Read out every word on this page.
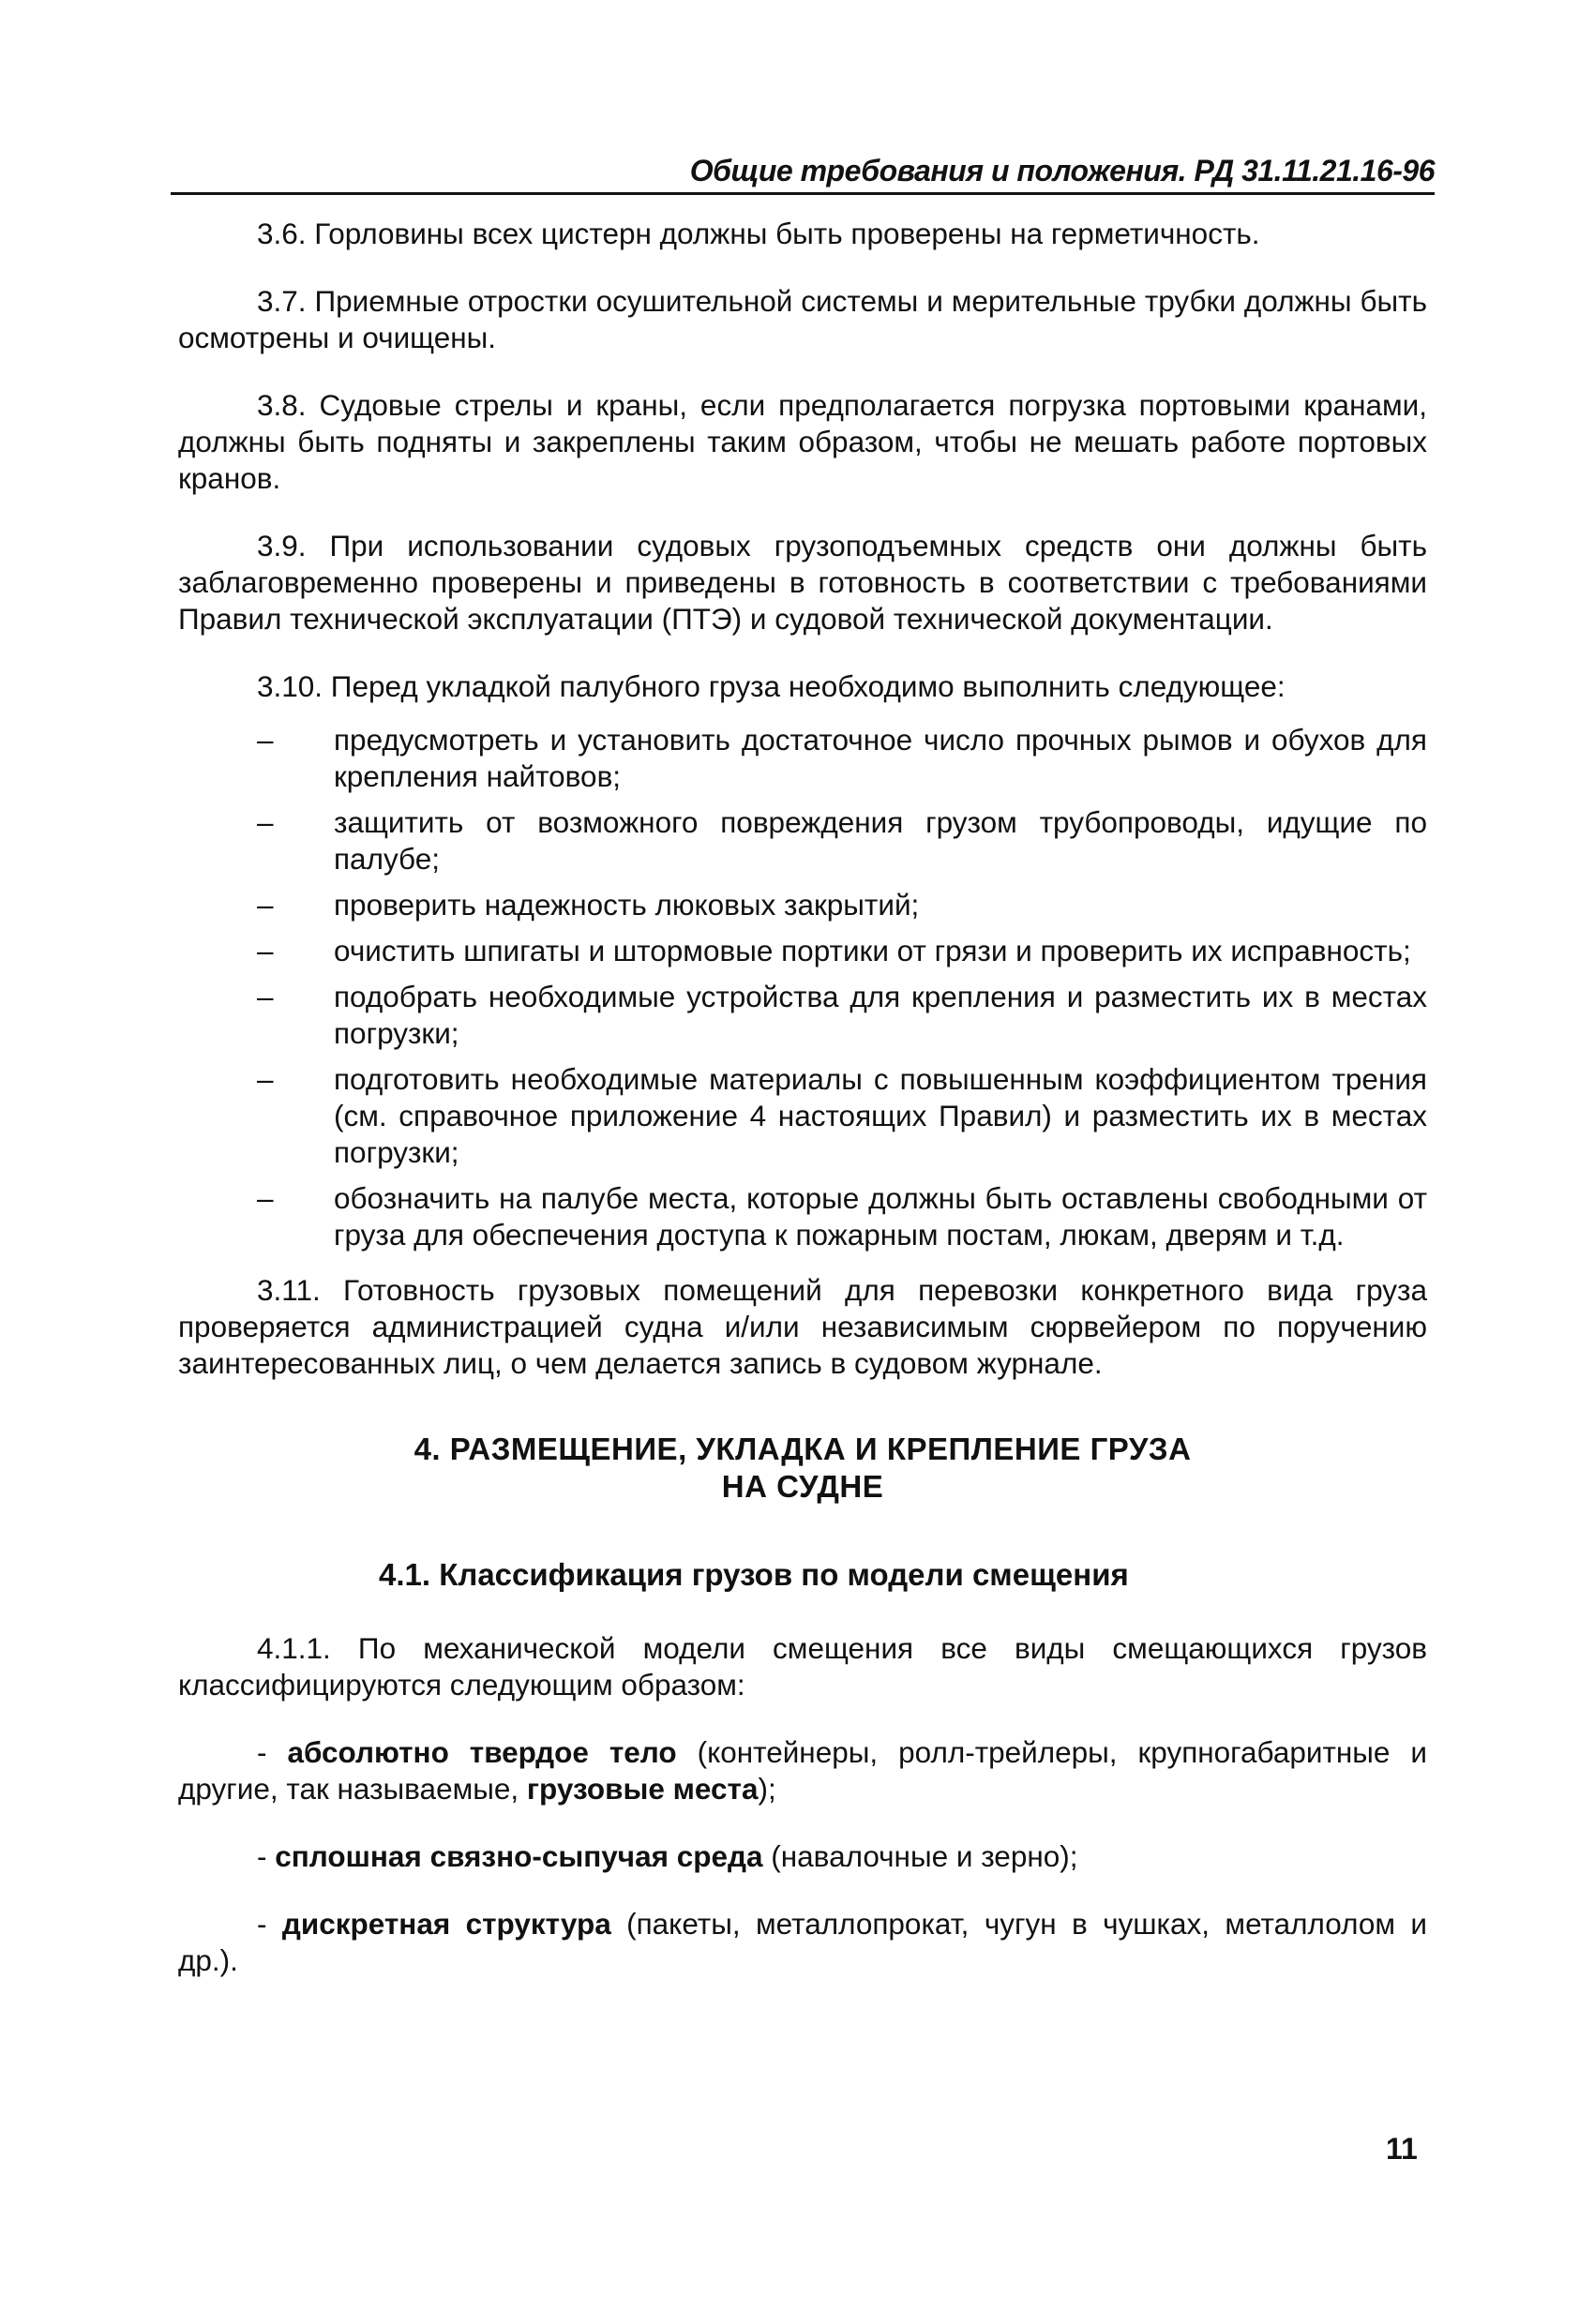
Общие требования и положения. РД 31.11.21.16-96

3.6. Горловины всех цистерн должны быть проверены на герметичность.

3.7. Приемные отростки осушительной системы и мерительные трубки должны быть осмотрены и очищены.

3.8. Судовые стрелы и краны, если предполагается погрузка портовыми кранами, должны быть подняты и закреплены таким образом, чтобы не мешать работе портовых кранов.

3.9. При использовании судовых грузоподъемных средств они должны быть заблаговременно проверены и приведены в готовность в соответствии с требованиями Правил технической эксплуатации (ПТЭ) и судовой технической документации.

3.10. Перед укладкой палубного груза необходимо выполнить следующее:

– предусмотреть и установить достаточное число прочных рымов и обухов для крепления найтовов;
– защитить от возможного повреждения грузом трубопроводы, идущие по палубе;
– проверить надежность люковых закрытий;
– очистить шпигаты и штормовые портики от грязи и проверить их исправность;
– подобрать необходимые устройства для крепления и разместить их в местах погрузки;
– подготовить необходимые материалы с повышенным коэффициентом трения (см. справочное приложение 4 настоящих Правил) и разместить их в местах погрузки;
– обозначить на палубе места, которые должны быть оставлены свободными от груза для обеспечения доступа к пожарным постам, люкам, дверям и т.д.

3.11. Готовность грузовых помещений для перевозки конкретного вида груза проверяется администрацией судна и/или независимым сюрвейером по поручению заинтересованных лиц, о чем делается запись в судовом журнале.

4. РАЗМЕЩЕНИЕ, УКЛАДКА И КРЕПЛЕНИЕ ГРУЗА
НА СУДНЕ
4.1. Классификация грузов по модели смещения

4.1.1. По механической модели смещения все виды смещающихся грузов классифицируются следующим образом:

- абсолютно твердое тело (контейнеры, ролл-трейлеры, крупногабаритные и другие, так называемые, грузовые места);

- сплошная связно-сыпучая среда (навалочные и зерно);

- дискретная структура (пакеты, металлопрокат, чугун в чушках, металлолом и др.).

11
